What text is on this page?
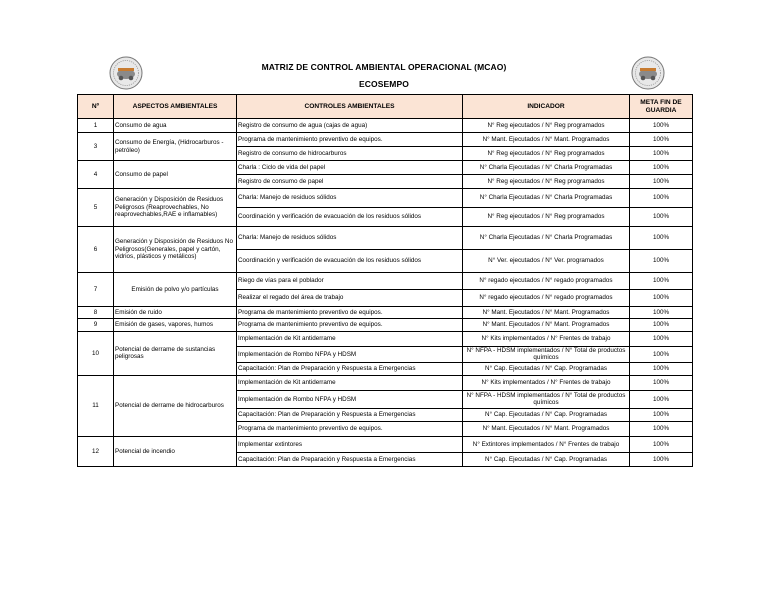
MATRIZ DE CONTROL AMBIENTAL OPERACIONAL (MCAO)
ECOSEMPO
Nº	ASPECTOS AMBIENTALES	CONTROLES AMBIENTALES	INDICADOR	META FIN DE GUARDIA
1	Consumo de agua	Registro de consumo de agua (cajas de agua)	N° Reg ejecutados / N° Reg programados	100%
3	Consumo de Energía, (Hidrocarburos - petróleo)	Programa de mantenimiento preventivo de equipos.	N° Mant. Ejecutados / N° Mant. Programados	100%
		Registro de consumo de hidrocarburos	N° Reg ejecutados / N° Reg programados	100%
4	Consumo de papel	Charla : Ciclo de vida del papel	N° Charla Ejecutadas / N° Charla Programadas	100%
		Registro de consumo de papel	N° Reg ejecutados / N° Reg programados	100%
5	Generación y Disposición de Residuos Peligrosos (Reaprovechables, No reaprovechables,RAE e inflamables)	Charla: Manejo de residuos sólidos	N° Charla Ejecutadas / N° Charla Programadas	100%
		Coordinación y verificación de evacuación de los residuos sólidos	N° Reg ejecutados / N° Reg programados	100%
6	Generación y Disposición de Residuos No Peligrosos(Generales, papel y cartón, vidrios, plásticos y metálicos)	Charla: Manejo de residuos sólidos	N° Charla Ejecutadas / N° Charla Programadas	100%
		Coordinación y verificación de evacuación de los residuos sólidos	N° Ver. ejecutados / N° Ver. programados	100%
7	Emisión de polvo y/o partículas	Riego de vías para el poblador	N° regado ejecutados / N° regado programados	100%
		Realizar el regado del área de trabajo	N° regado ejecutados / N° regado programados	100%
8	Emisión de ruido	Programa de mantenimiento preventivo de equipos.	N° Mant. Ejecutados / N° Mant. Programados	100%
9	Emisión de gases, vapores, humos	Programa de mantenimiento preventivo de equipos.	N° Mant. Ejecutados / N° Mant. Programados	100%
10	Potencial de derrame de sustancias peligrosas	Implementación de Kit antiderrame	N° Kits implementados / N° Frentes de trabajo	100%
		Implementación de Rombo NFPA y HDSM	N° NFPA - HDSM implementados / N° Total de productos químicos	100%
		Capacitación: Plan de Preparación y Respuesta a Emergencias	N° Cap. Ejecutadas / N° Cap. Programadas	100%
11	Potencial de derrame de hidrocarburos	Implementación de Kit antiderrame	N° Kits implementados / N° Frentes de trabajo	100%
		Implementación de Rombo NFPA y HDSM	N° NFPA - HDSM implementados / N° Total de productos químicos	100%
		Capacitación: Plan de Preparación y Respuesta a Emergencias	N° Cap. Ejecutadas / N° Cap. Programadas	100%
		Programa de mantenimiento preventivo de equipos.	N° Mant. Ejecutados / N° Mant. Programados	100%
12	Potencial de incendio	Implementar extintores	N° Extintores implementados / N° Frentes de trabajo	100%
		Capacitación: Plan de Preparación y Respuesta a Emergencias	N° Cap. Ejecutadas / N° Cap. Programadas	100%
